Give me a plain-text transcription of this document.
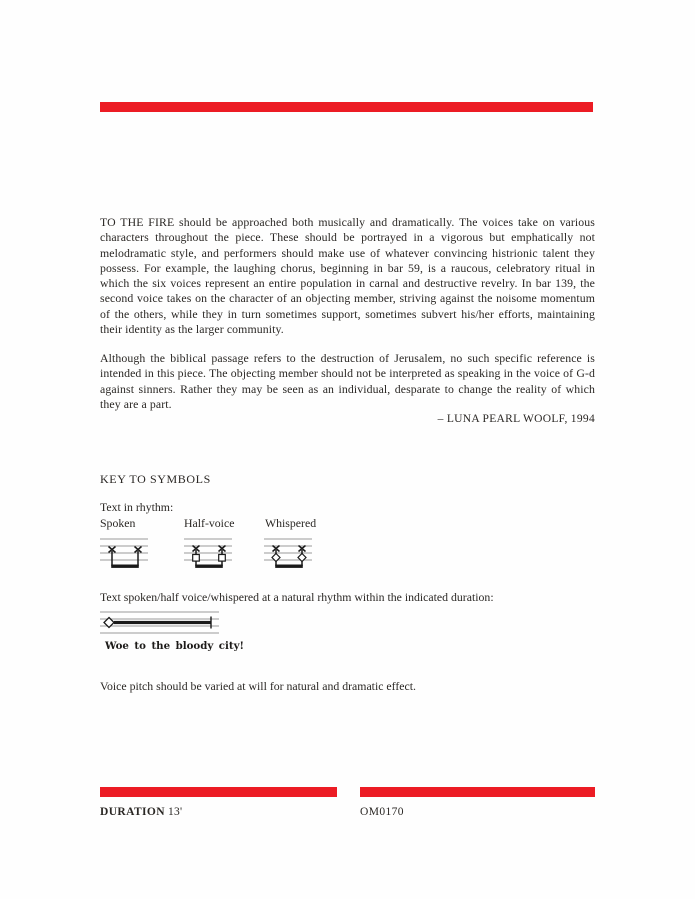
TO THE FIRE should be approached both musically and dramatically. The voices take on various characters throughout the piece. These should be portrayed in a vigorous but emphatically not melodramatic style, and performers should make use of whatever convincing histrionic talent they possess. For example, the laughing chorus, beginning in bar 59, is a raucous, celebratory ritual in which the six voices represent an entire population in carnal and destructive revelry. In bar 139, the second voice takes on the character of an objecting member, striving against the noisome momentum of the others, while they in turn sometimes support, sometimes subvert his/her efforts, maintaining their identity as the larger community.

Although the biblical passage refers to the destruction of Jerusalem, no such specific reference is intended in this piece. The objecting member should not be interpreted as speaking in the voice of G-d against sinners. Rather they may be seen as an individual, desparate to change the reality of which they are a part.

– LUNA PEARL WOOLF, 1994

KEY TO SYMBOLS

Text in rhythm:

Spoken	Half-voice	Whispered

Text spoken/half voice/whispered at a natural rhythm within the indicated duration:

Woe to the bloody city!

Voice pitch should be varied at will for natural and dramatic effect.

DURATION 13'	OM0170
